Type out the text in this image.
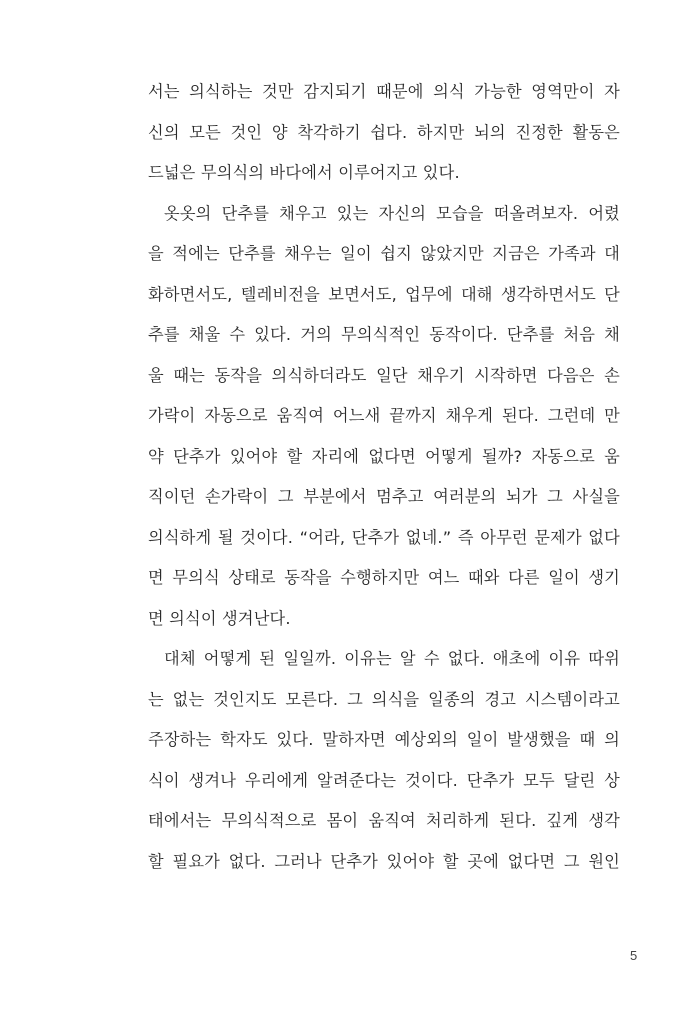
서는 의식하는 것만 감지되기 때문에 의식 가능한 영역만이 자
신의 모든 것인 양 착각하기 쉽다. 하지만 뇌의 진정한 활동은
드넓은 무의식의 바다에서 이루어지고 있다.
옷옷의 단추를 채우고 있는 자신의 모습을 떠올려보자. 어렸
을 적에는 단추를 채우는 일이 쉽지 않았지만 지금은 가족과 대
화하면서도, 텔레비전을 보면서도, 업무에 대해 생각하면서도 단
추를 채울 수 있다. 거의 무의식적인 동작이다. 단추를 처음 채
울 때는 동작을 의식하더라도 일단 채우기 시작하면 다음은 손
가락이 자동으로 움직여 어느새 끝까지 채우게 된다. 그런데 만
약 단추가 있어야 할 자리에 없다면 어떻게 될까? 자동으로 움
직이던 손가락이 그 부분에서 멈추고 여러분의 뇌가 그 사실을
의식하게 될 것이다. “어라, 단추가 없네.” 즉 아무런 문제가 없다
면 무의식 상태로 동작을 수행하지만 여느 때와 다른 일이 생기
면 의식이 생겨난다.
대체 어떻게 된 일일까. 이유는 알 수 없다. 애초에 이유 따위
는 없는 것인지도 모른다. 그 의식을 일종의 경고 시스템이라고
주장하는 학자도 있다. 말하자면 예상외의 일이 발생했을 때 의
식이 생겨나 우리에게 알려준다는 것이다. 단추가 모두 달린 상
태에서는 무의식적으로 몸이 움직여 처리하게 된다. 깊게 생각
할 필요가 없다. 그러나 단추가 있어야 할 곳에 없다면 그 원인
5
